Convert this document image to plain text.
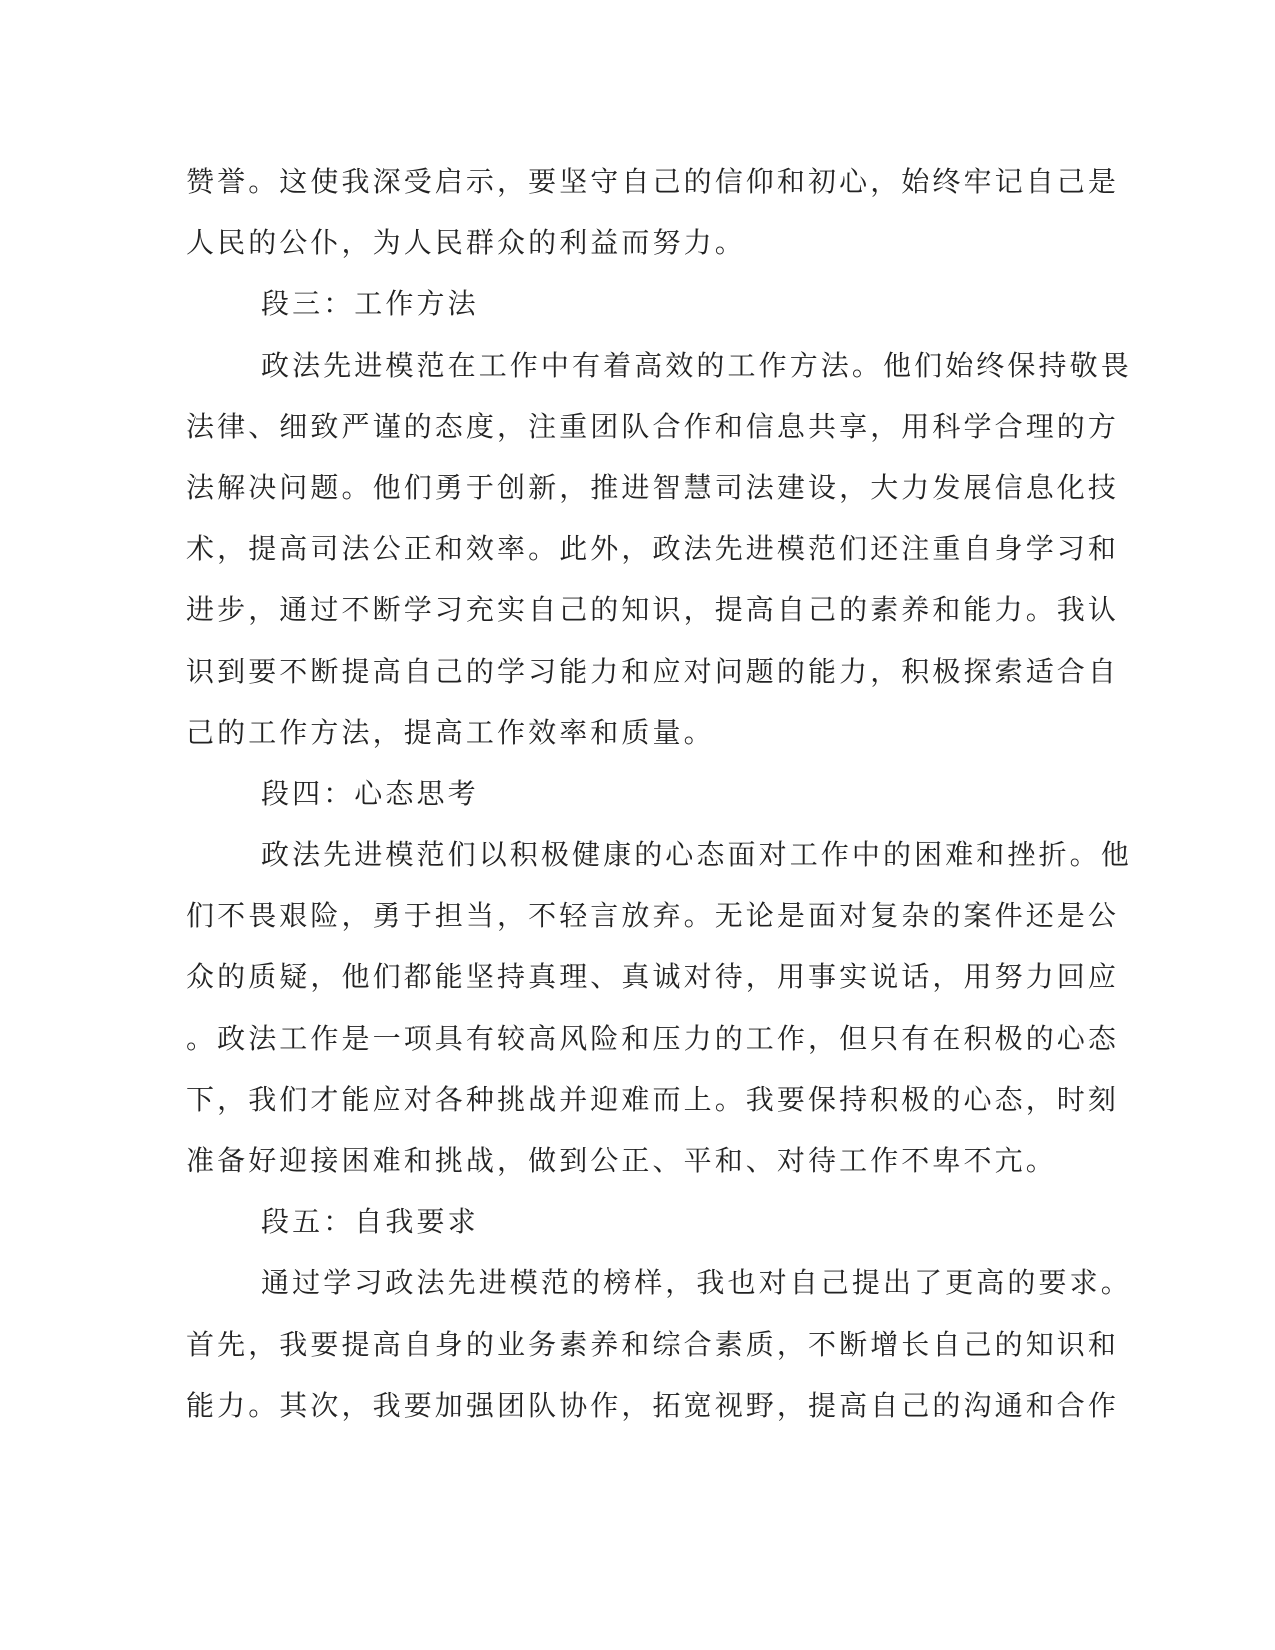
赞誉。这使我深受启示，要坚守自己的信仰和初心，始终牢记自己是
人民的公仆，为人民群众的利益而努力。
段三：工作方法
政法先进模范在工作中有着高效的工作方法。他们始终保持敬畏
法律、细致严谨的态度，注重团队合作和信息共享，用科学合理的方
法解决问题。他们勇于创新，推进智慧司法建设，大力发展信息化技
术，提高司法公正和效率。此外，政法先进模范们还注重自身学习和
进步，通过不断学习充实自己的知识，提高自己的素养和能力。我认
识到要不断提高自己的学习能力和应对问题的能力，积极探索适合自
己的工作方法，提高工作效率和质量。
段四：心态思考
政法先进模范们以积极健康的心态面对工作中的困难和挫折。他
们不畏艰险，勇于担当，不轻言放弃。无论是面对复杂的案件还是公
众的质疑，他们都能坚持真理、真诚对待，用事实说话，用努力回应
。政法工作是一项具有较高风险和压力的工作，但只有在积极的心态
下，我们才能应对各种挑战并迎难而上。我要保持积极的心态，时刻
准备好迎接困难和挑战，做到公正、平和、对待工作不卑不亢。
段五：自我要求
通过学习政法先进模范的榜样，我也对自己提出了更高的要求。
首先，我要提高自身的业务素养和综合素质，不断增长自己的知识和
能力。其次，我要加强团队协作，拓宽视野，提高自己的沟通和合作
